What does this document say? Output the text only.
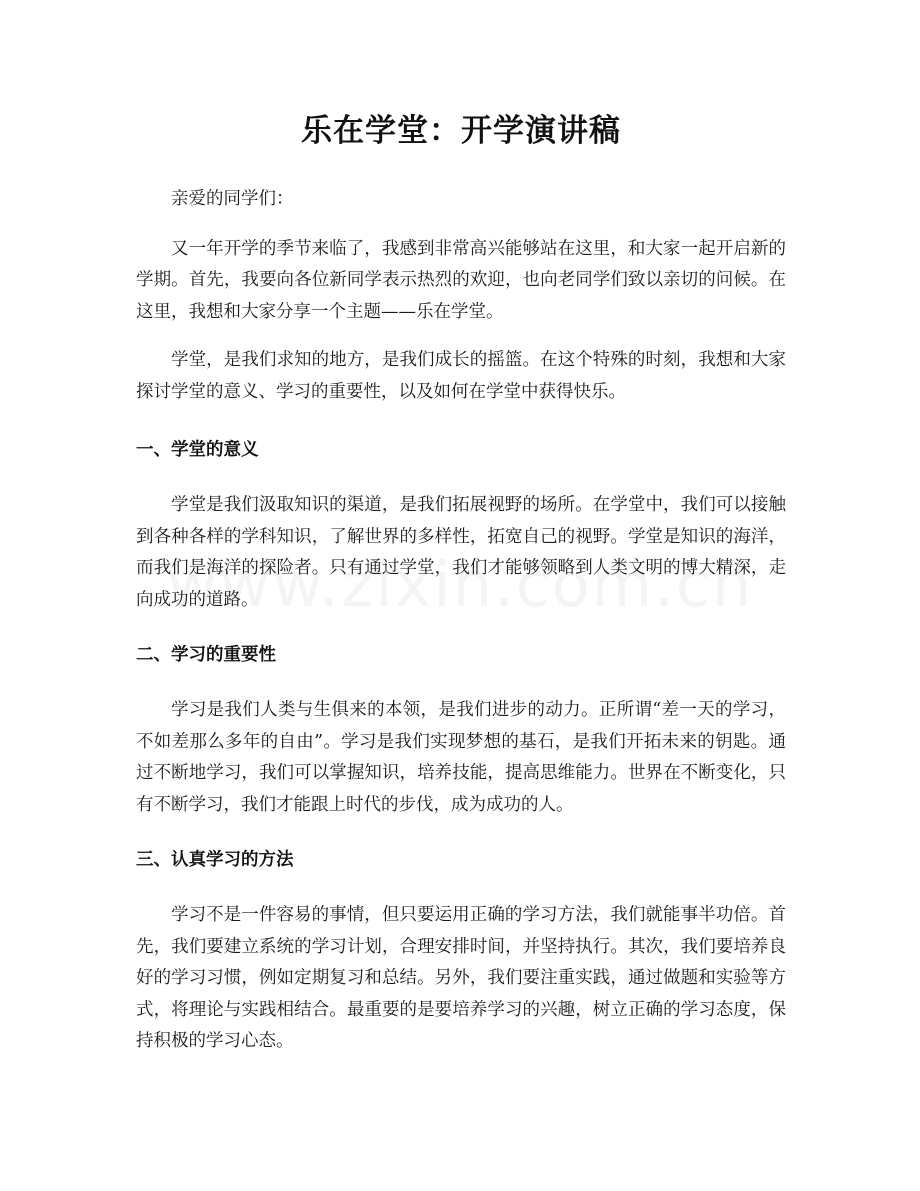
乐在学堂：开学演讲稿

亲爱的同学们：

又一年开学的季节来临了，我感到非常高兴能够站在这里，和大家一起开启新的学期。首先，我要向各位新同学表示热烈的欢迎，也向老同学们致以亲切的问候。在这里，我想和大家分享一个主题——乐在学堂。

学堂，是我们求知的地方，是我们成长的摇篮。在这个特殊的时刻，我想和大家探讨学堂的意义、学习的重要性，以及如何在学堂中获得快乐。

一、学堂的意义

学堂是我们汲取知识的渠道，是我们拓展视野的场所。在学堂中，我们可以接触到各种各样的学科知识，了解世界的多样性，拓宽自己的视野。学堂是知识的海洋，而我们是海洋的探险者。只有通过学堂，我们才能够领略到人类文明的博大精深，走向成功的道路。

二、学习的重要性

学习是我们人类与生俱来的本领，是我们进步的动力。正所谓“差一天的学习，不如差那么多年的自由”。学习是我们实现梦想的基石，是我们开拓未来的钥匙。通过不断地学习，我们可以掌握知识，培养技能，提高思维能力。世界在不断变化，只有不断学习，我们才能跟上时代的步伐，成为成功的人。

三、认真学习的方法

学习不是一件容易的事情，但只要运用正确的学习方法，我们就能事半功倍。首先，我们要建立系统的学习计划，合理安排时间，并坚持执行。其次，我们要培养良好的学习习惯，例如定期复习和总结。另外，我们要注重实践，通过做题和实验等方式，将理论与实践相结合。最重要的是要培养学习的兴趣，树立正确的学习态度，保持积极的学习心态。
